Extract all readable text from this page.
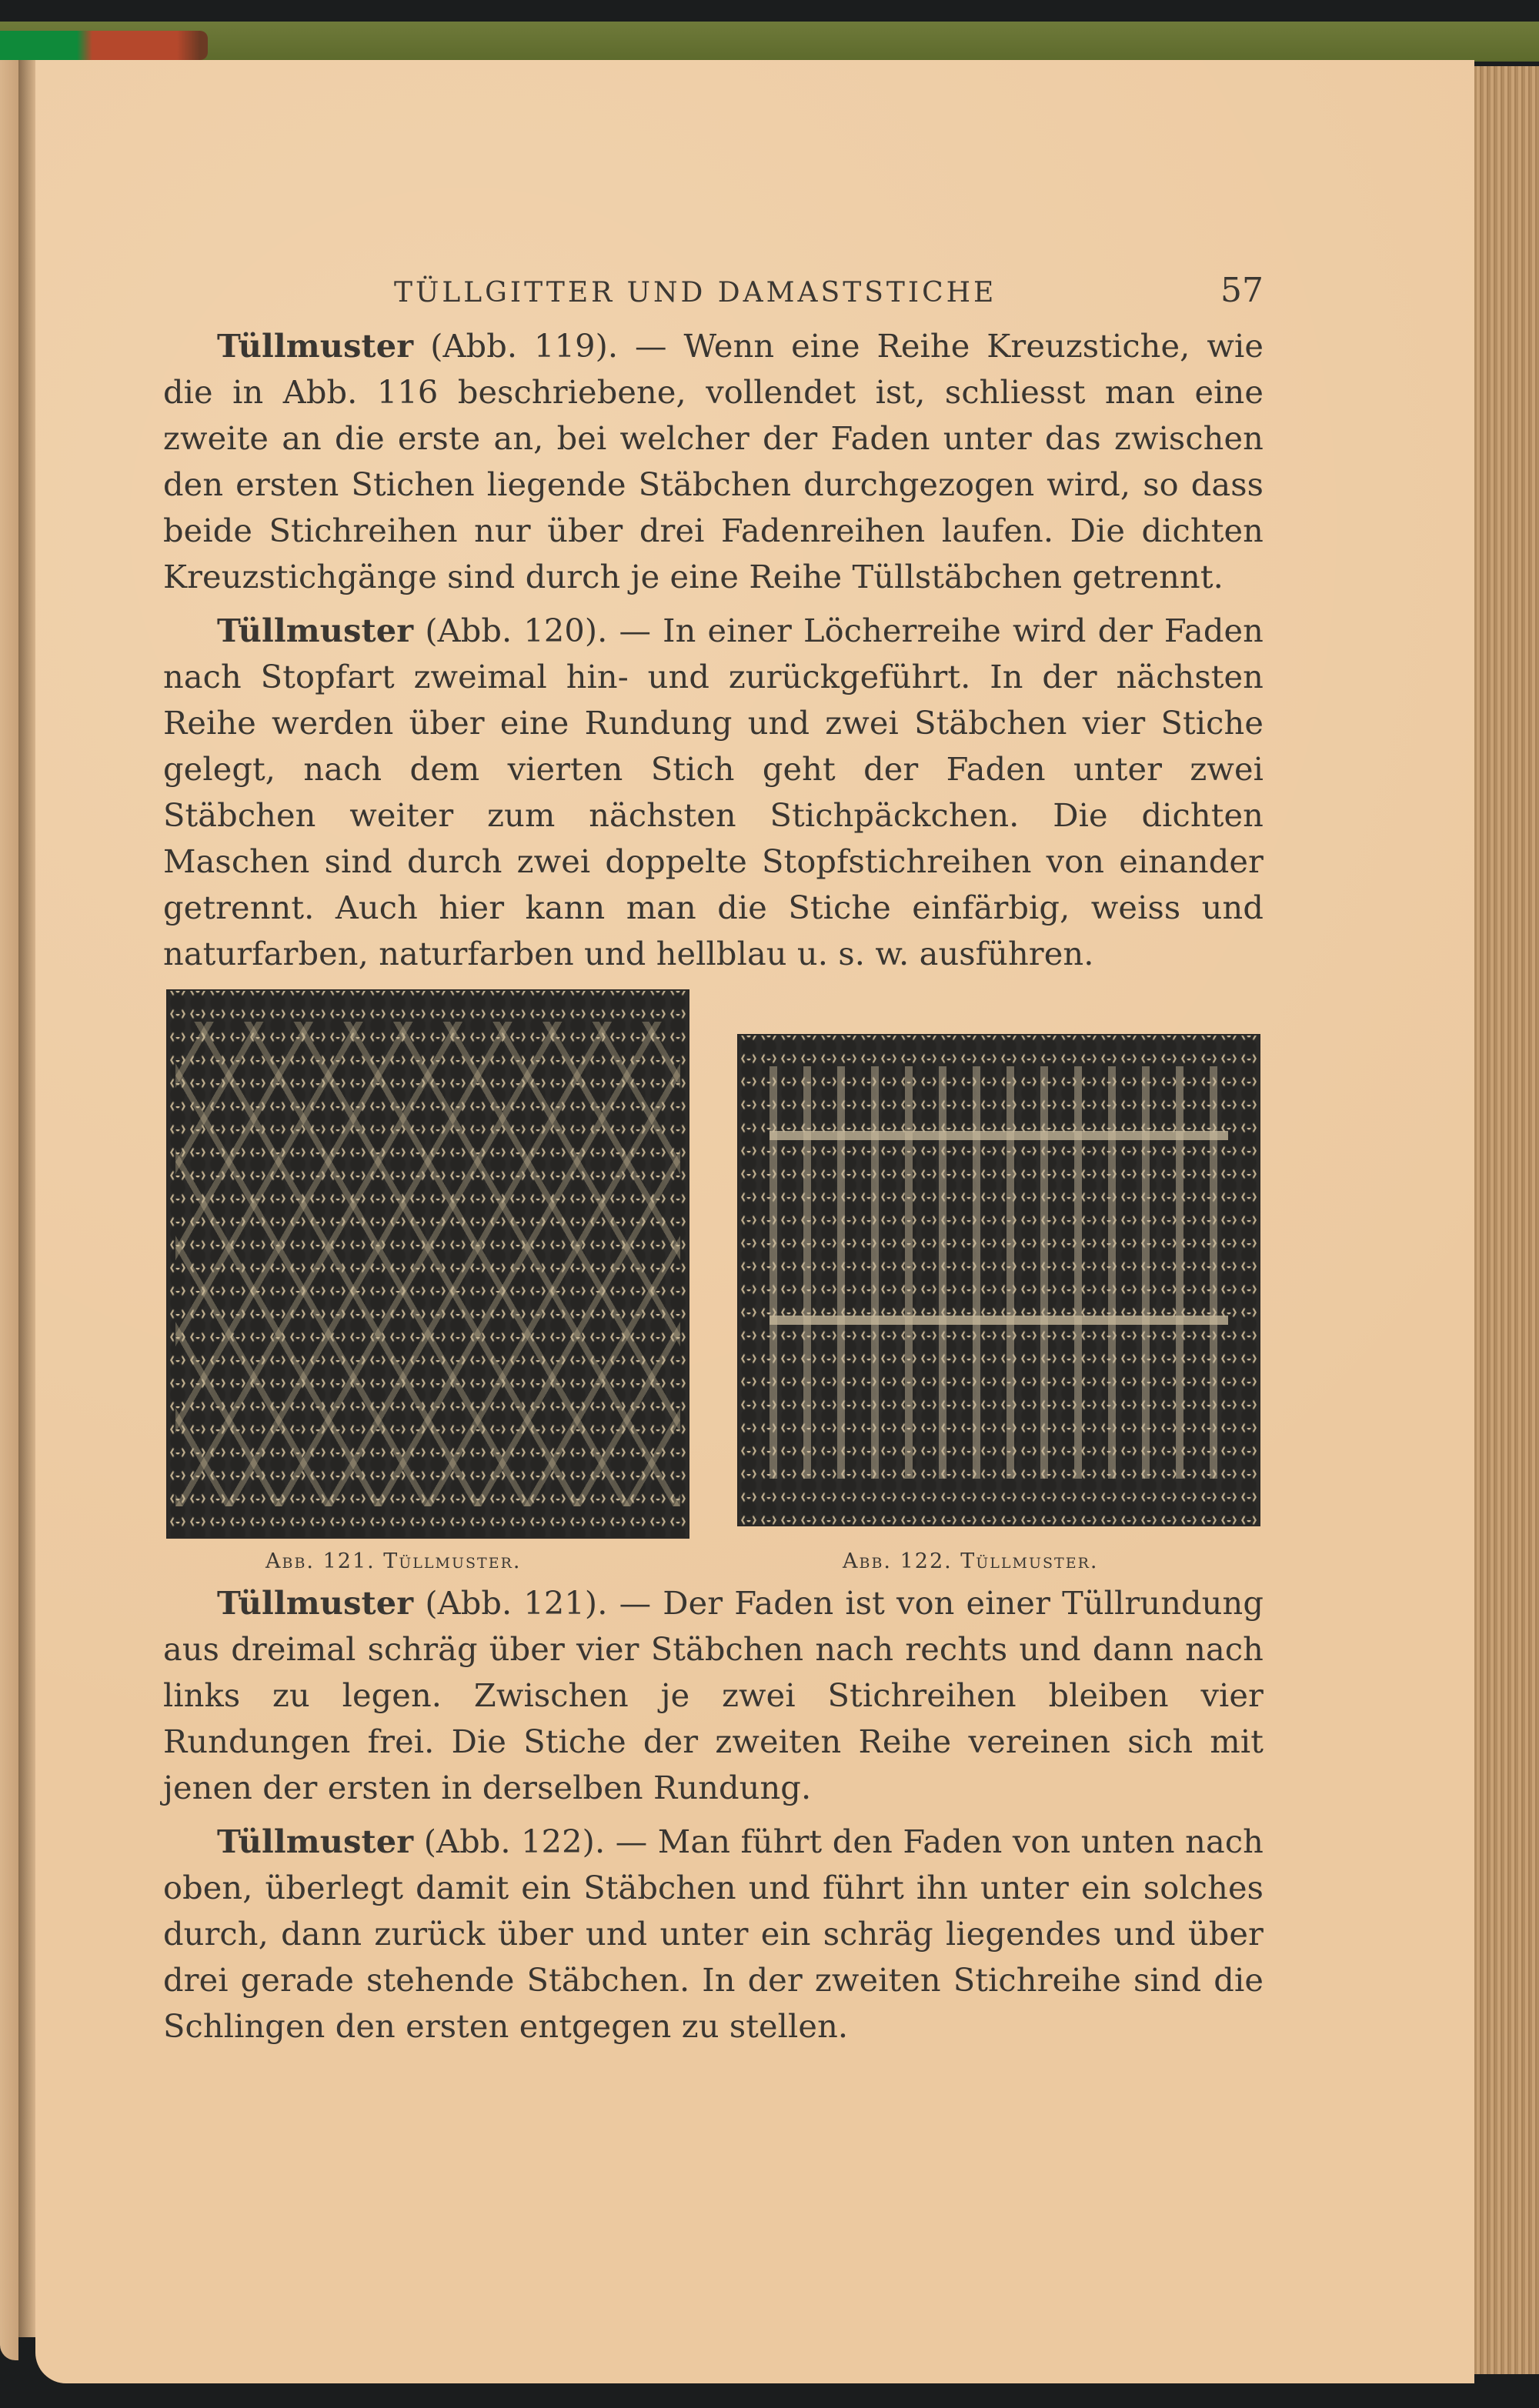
TÜLLGITTER UND DAMASTSTICHE	57

Tüllmuster (Abb. 119). — Wenn eine Reihe Kreuzstiche, wie die in Abb. 116 beschriebene, vollendet ist, schliesst man eine zweite an die erste an, bei welcher der Faden unter das zwischen den ersten Stichen liegende Stäbchen durchgezogen wird, so dass beide Stichreihen nur über drei Fadenreihen laufen. Die dichten Kreuzstichgänge sind durch je eine Reihe Tüllstäbchen getrennt.

Tüllmuster (Abb. 120). — In einer Löcherreihe wird der Faden nach Stopfart zweimal hin- und zurückgeführt. In der nächsten Reihe werden über eine Rundung und zwei Stäbchen vier Stiche gelegt, nach dem vierten Stich geht der Faden unter zwei Stäbchen weiter zum nächsten Stichpäckchen. Die dichten Maschen sind durch zwei doppelte Stopfstichreihen von einander getrennt. Auch hier kann man die Stiche einfärbig, weiss und naturfarben, naturfarben und hellblau u. s. w. ausführen.

Abb. 121. Tüllmuster.	Abb. 122. Tüllmuster.

Tüllmuster (Abb. 121). — Der Faden ist von einer Tüllrundung aus dreimal schräg über vier Stäbchen nach rechts und dann nach links zu legen. Zwischen je zwei Stichreihen bleiben vier Rundungen frei. Die Stiche der zweiten Reihe vereinen sich mit jenen der ersten in derselben Rundung.

Tüllmuster (Abb. 122). — Man führt den Faden von unten nach oben, überlegt damit ein Stäbchen und führt ihn unter ein solches durch, dann zurück über und unter ein schräg liegendes und über drei gerade stehende Stäbchen. In der zweiten Stichreihe sind die Schlingen den ersten entgegen zu stellen.
